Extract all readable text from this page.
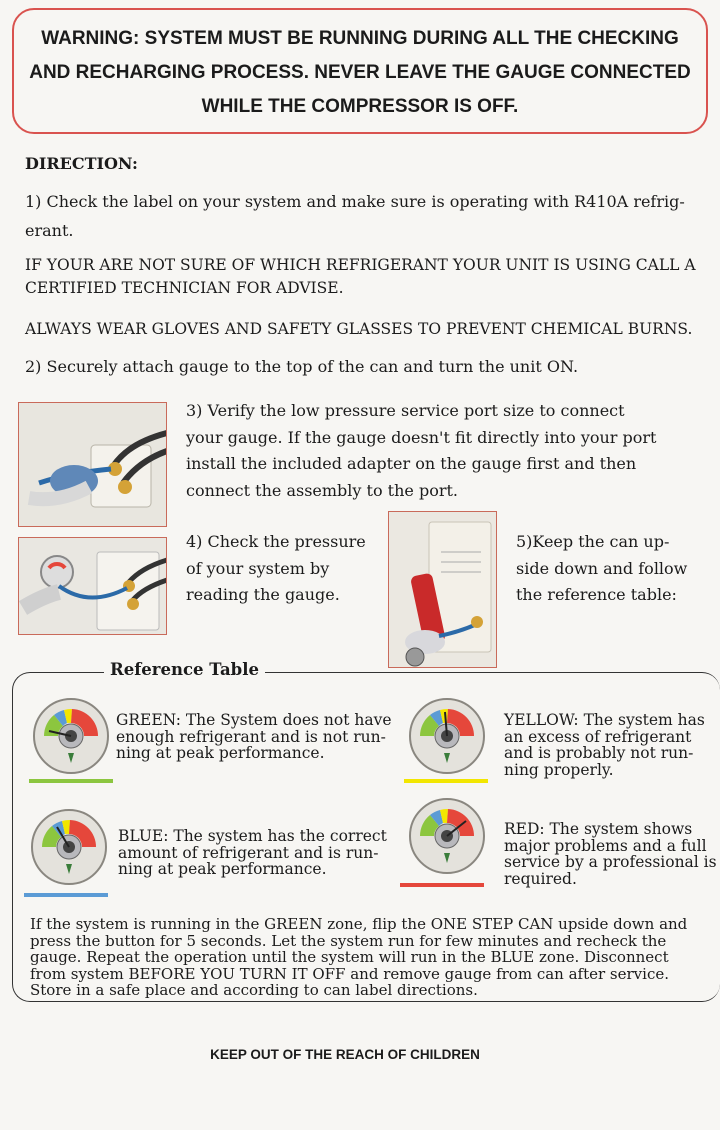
WARNING: SYSTEM MUST BE RUNNING DURING ALL THE CHECKING
AND RECHARGING PROCESS. NEVER LEAVE THE GAUGE CONNECTED
WHILE THE COMPRESSOR IS OFF.
DIRECTION:
1) Check the label on your system and make sure is operating with R410A refrig-
erant.
IF YOUR ARE NOT SURE OF WHICH REFRIGERANT YOUR UNIT IS USING CALL A
CERTIFIED TECHNICIAN FOR ADVISE.
ALWAYS WEAR GLOVES AND SAFETY GLASSES TO PREVENT CHEMICAL BURNS.
2) Securely attach gauge to the top of the can and turn the unit ON.
3) Verify the low pressure service port size to connect
your gauge. If the gauge doesn't fit directly into your port
install the included adapter on the gauge first and then
connect the assembly to the port.
4) Check the pressure
of your system by
reading the gauge.
5)Keep the can up-
side down and follow
the reference table:
Reference Table
GREEN: The System does not have
enough refrigerant and is not run-
ning at peak performance.
YELLOW: The system has
an excess of refrigerant
and is probably not run-
ning properly.
BLUE: The system has the correct
amount of refrigerant and is run-
ning at peak performance.
RED: The system shows
major problems and a full
service by a professional is
required.
If the system is running in the GREEN zone, flip the ONE STEP CAN upside down and
press the button for 5 seconds. Let the system run for few minutes and recheck the
gauge. Repeat the operation until the system will run in the BLUE zone. Disconnect
from system BEFORE YOU TURN IT OFF and remove gauge from can after service.
Store in a safe place and according to can label directions.
KEEP OUT OF THE REACH OF CHILDREN
